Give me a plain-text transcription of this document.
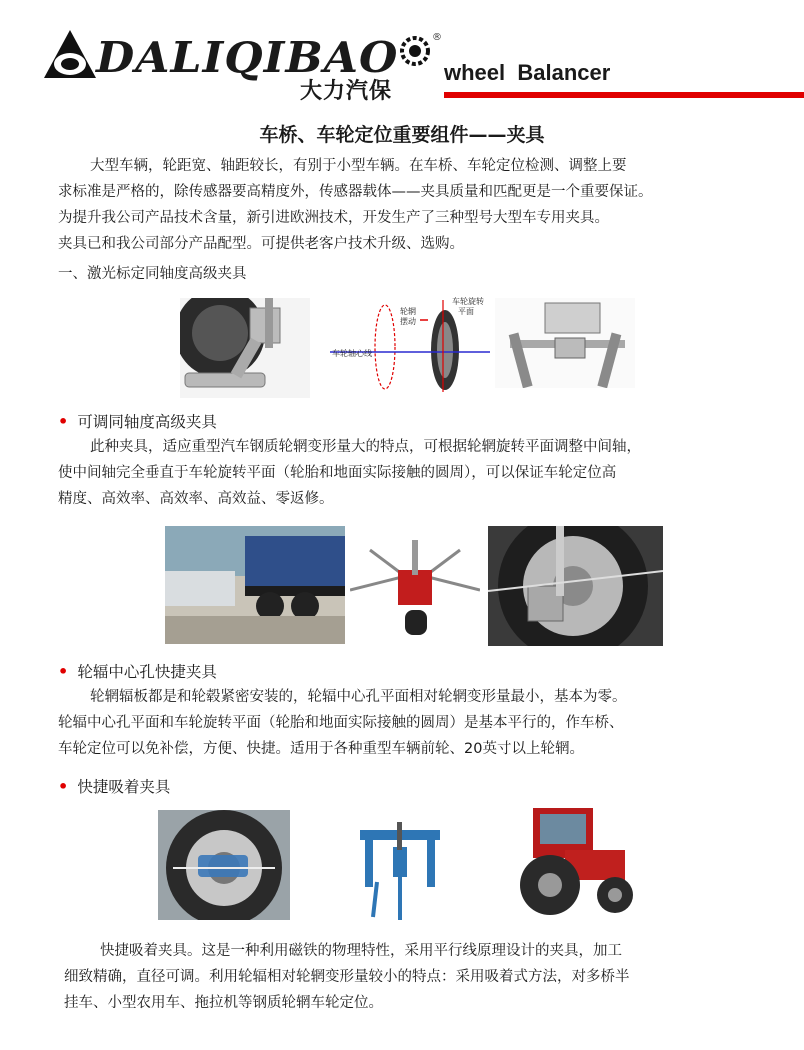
DALIQIBAO	®
大力汽保
wheel  Balancer
车桥、车轮定位重要组件——夹具
大型车辆，轮距宽、轴距较长，有别于小型车辆。在车桥、车轮定位检测、调整上要
求标准是严格的，除传感器要高精度外，传感器载体——夹具质量和匹配更是一个重要保证。
为提升我公司产品技术含量，新引进欧洲技术，开发生产了三种型号大型车专用夹具。
夹具已和我公司部分产品配型。可提供老客户技术升级、选购。
一、激光标定同轴度高级夹具
轮辋
摆动
车轮旋转
平面
车轮轴心线
• 可调同轴度高级夹具
此种夹具，适应重型汽车钢质轮辋变形量大的特点，可根据轮辋旋转平面调整中间轴，
使中间轴完全垂直于车轮旋转平面（轮胎和地面实际接触的圆周），可以保证车轮定位高
精度、高效率、高效率、高效益、零返修。
• 轮辐中心孔快捷夹具
轮辋辐板都是和轮毂紧密安装的，轮辐中心孔平面相对轮辋变形量最小，基本为零。
轮辐中心孔平面和车轮旋转平面（轮胎和地面实际接触的圆周）是基本平行的，作车桥、
车轮定位可以免补偿，方便、快捷。适用于各种重型车辆前轮、20英寸以上轮辋。
• 快捷吸着夹具
快捷吸着夹具。这是一种利用磁铁的物理特性，采用平行线原理设计的夹具，加工
细致精确，直径可调。利用轮辐相对轮辋变形量较小的特点：采用吸着式方法，对多桥半
挂车、小型农用车、拖拉机等钢质轮辋车轮定位。
